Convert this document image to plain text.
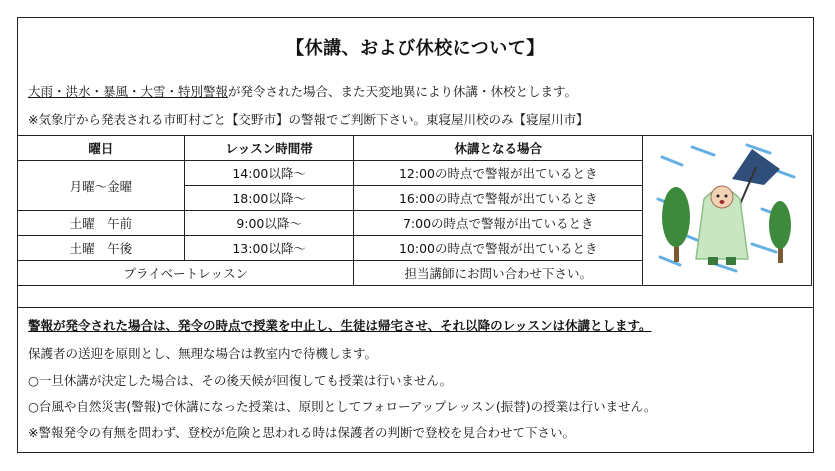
【休講、および休校について】
大雨・洪水・暴風・大雪・特別警報が発令された場合、また天変地異により休講・休校とします。
※気象庁から発表される市町村ごと【交野市】の警報でご判断下さい。東寝屋川校のみ【寝屋川市】
曜日	レッスン時間帯	休講となる場合	
月曜～金曜	14:00以降～	12:00の時点で警報が出ているとき	
	18:00以降～	16:00の時点で警報が出ているとき	
土曜　午前	9:00以降～	7:00の時点で警報が出ているとき	
土曜　午後	13:00以降～	10:00の時点で警報が出ているとき	
プライベートレッスン		担当講師にお問い合わせ下さい。	
警報が発令された場合は、発令の時点で授業を中止し、生徒は帰宅させ、それ以降のレッスンは休講とします。
保護者の送迎を原則とし、無理な場合は教室内で待機します。
○一旦休講が決定した場合は、その後天候が回復しても授業は行いません。
○台風や自然災害(警報)で休講になった授業は、原則としてフォローアップレッスン(振替)の授業は行いません。
※警報発令の有無を問わず、登校が危険と思われる時は保護者の判断で登校を見合わせて下さい。
